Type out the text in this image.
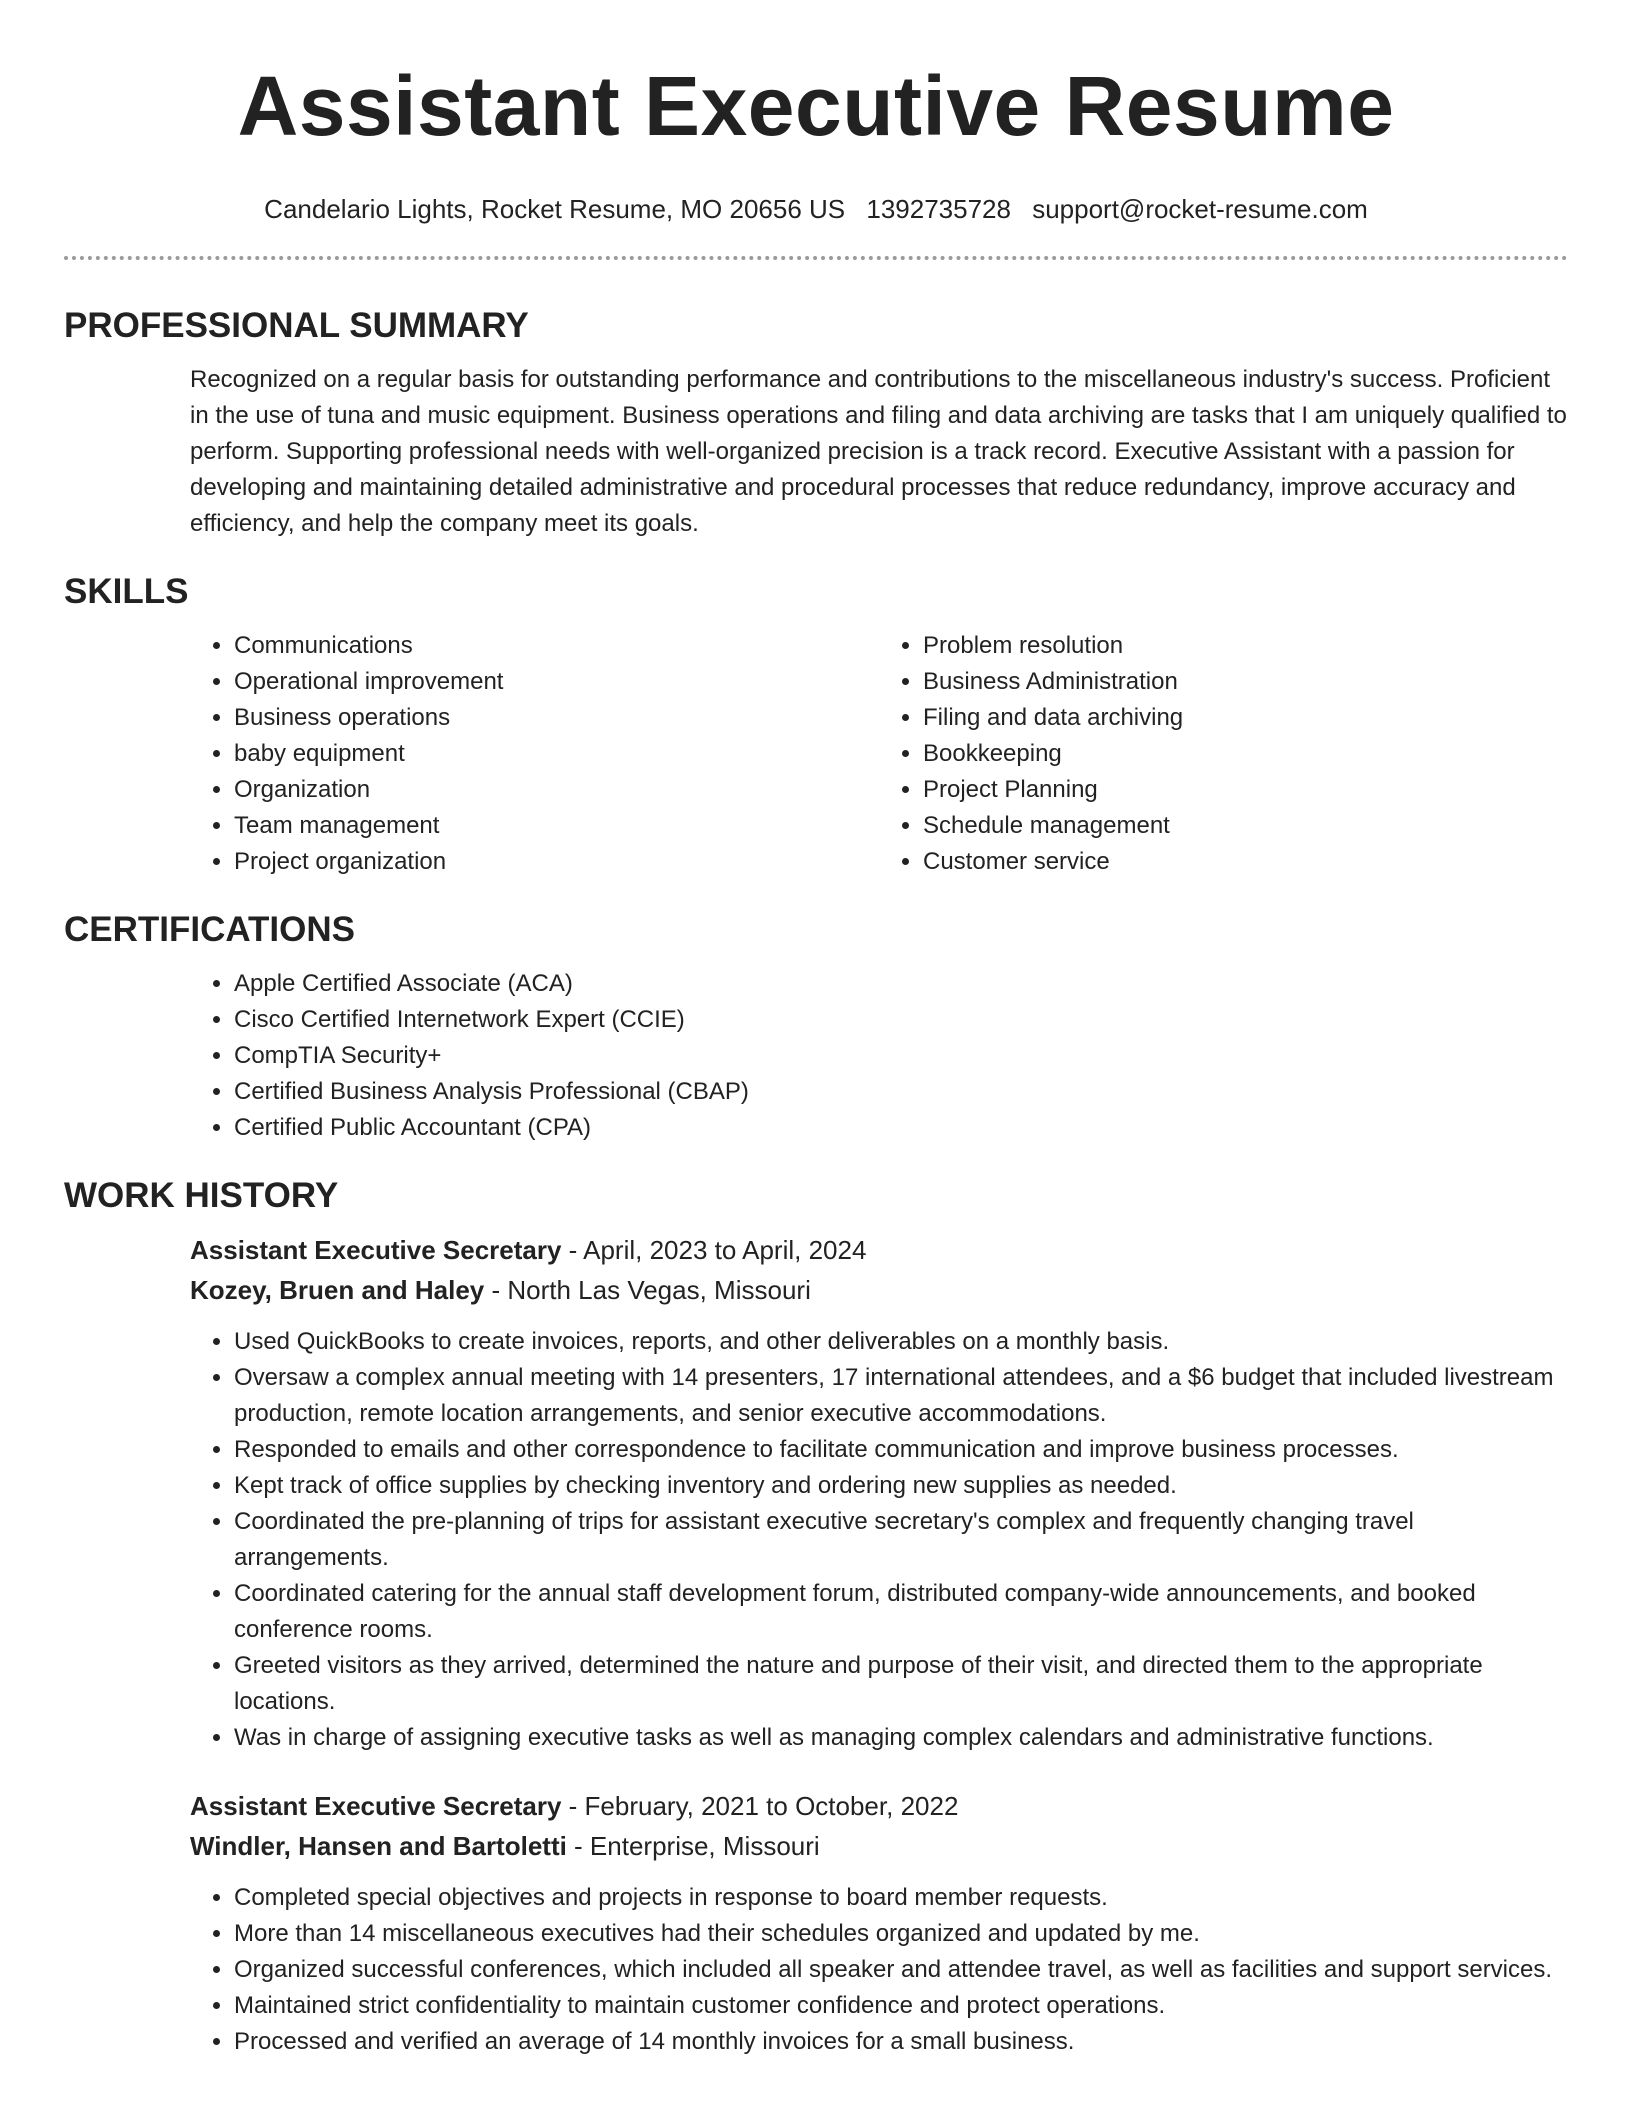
Assistant Executive Resume
Candelario Lights, Rocket Resume, MO 20656 US 1392735728 support@rocket-resume.com
PROFESSIONAL SUMMARY

Recognized on a regular basis for outstanding performance and contributions to the miscellaneous industry's success. Proficient in the use of tuna and music equipment. Business operations and filing and data archiving are tasks that I am uniquely qualified to perform. Supporting professional needs with well-organized precision is a track record. Executive Assistant with a passion for developing and maintaining detailed administrative and procedural processes that reduce redundancy, improve accuracy and efficiency, and help the company meet its goals.

SKILLS
• Communications
• Operational improvement
• Business operations
• baby equipment
• Organization
• Team management
• Project organization
• Problem resolution
• Business Administration
• Filing and data archiving
• Bookkeeping
• Project Planning
• Schedule management
• Customer service
CERTIFICATIONS
• Apple Certified Associate (ACA)
• Cisco Certified Internetwork Expert (CCIE)
• CompTIA Security+
• Certified Business Analysis Professional (CBAP)
• Certified Public Accountant (CPA)
WORK HISTORY
Assistant Executive Secretary - April, 2023 to April, 2024
Kozey, Bruen and Haley - North Las Vegas, Missouri
• Used QuickBooks to create invoices, reports, and other deliverables on a monthly basis.
• Oversaw a complex annual meeting with 14 presenters, 17 international attendees, and a $6 budget that included livestream production, remote location arrangements, and senior executive accommodations.
• Responded to emails and other correspondence to facilitate communication and improve business processes.
• Kept track of office supplies by checking inventory and ordering new supplies as needed.
• Coordinated the pre-planning of trips for assistant executive secretary's complex and frequently changing travel arrangements.
• Coordinated catering for the annual staff development forum, distributed company-wide announcements, and booked conference rooms.
• Greeted visitors as they arrived, determined the nature and purpose of their visit, and directed them to the appropriate locations.
• Was in charge of assigning executive tasks as well as managing complex calendars and administrative functions.
Assistant Executive Secretary - February, 2021 to October, 2022
Windler, Hansen and Bartoletti - Enterprise, Missouri
• Completed special objectives and projects in response to board member requests.
• More than 14 miscellaneous executives had their schedules organized and updated by me.
• Organized successful conferences, which included all speaker and attendee travel, as well as facilities and support services.
• Maintained strict confidentiality to maintain customer confidence and protect operations.
• Processed and verified an average of 14 monthly invoices for a small business.
